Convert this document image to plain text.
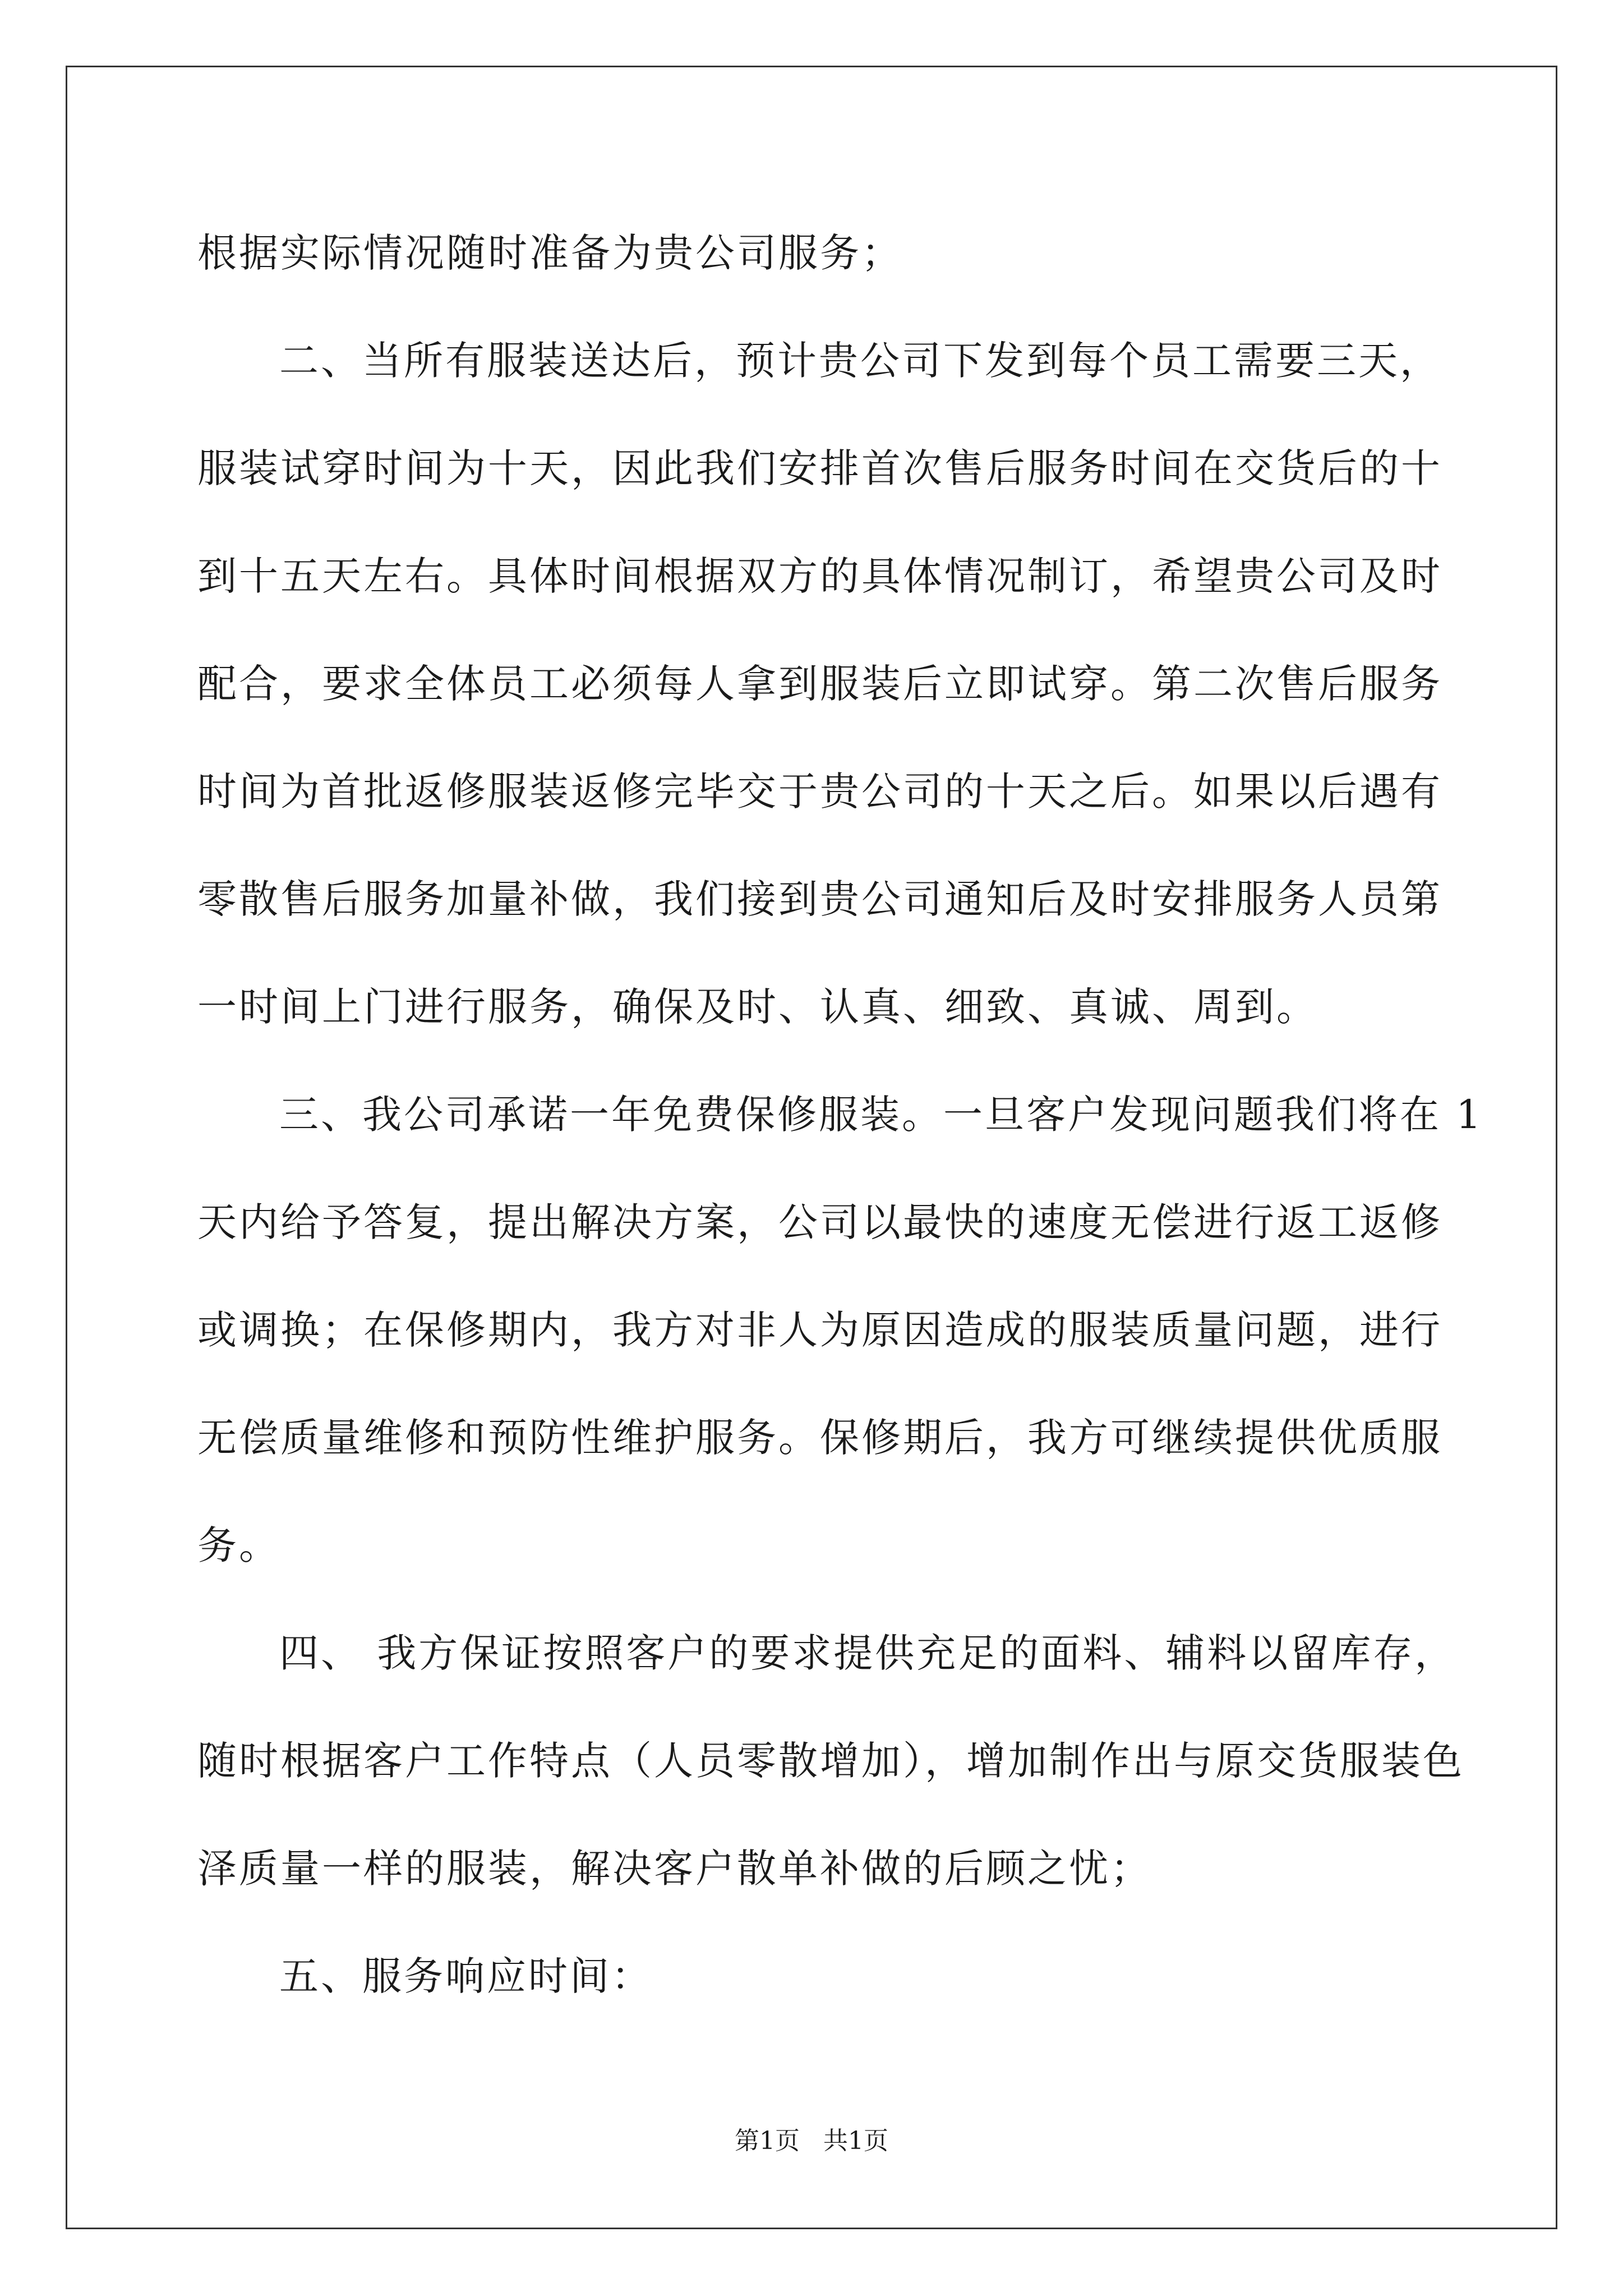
根据实际情况随时准备为贵公司服务；
二、当所有服装送达后，预计贵公司下发到每个员工需要三天，
服装试穿时间为十天，因此我们安排首次售后服务时间在交货后的十
到十五天左右。具体时间根据双方的具体情况制订，希望贵公司及时
配合，要求全体员工必须每人拿到服装后立即试穿。第二次售后服务
时间为首批返修服装返修完毕交于贵公司的十天之后。如果以后遇有
零散售后服务加量补做，我们接到贵公司通知后及时安排服务人员第
一时间上门进行服务，确保及时、认真、细致、真诚、周到。
三、我公司承诺一年免费保修服装。一旦客户发现问题我们将在 1
天内给予答复，提出解决方案，公司以最快的速度无偿进行返工返修
或调换；在保修期内，我方对非人为原因造成的服装质量问题，进行
无偿质量维修和预防性维护服务。保修期后，我方可继续提供优质服
务。
四、 我方保证按照客户的要求提供充足的面料、辅料以留库存，
随时根据客户工作特点（人员零散增加），增加制作出与原交货服装色
泽质量一样的服装，解决客户散单补做的后顾之忧；
五、服务响应时间：
第1页   共1页
